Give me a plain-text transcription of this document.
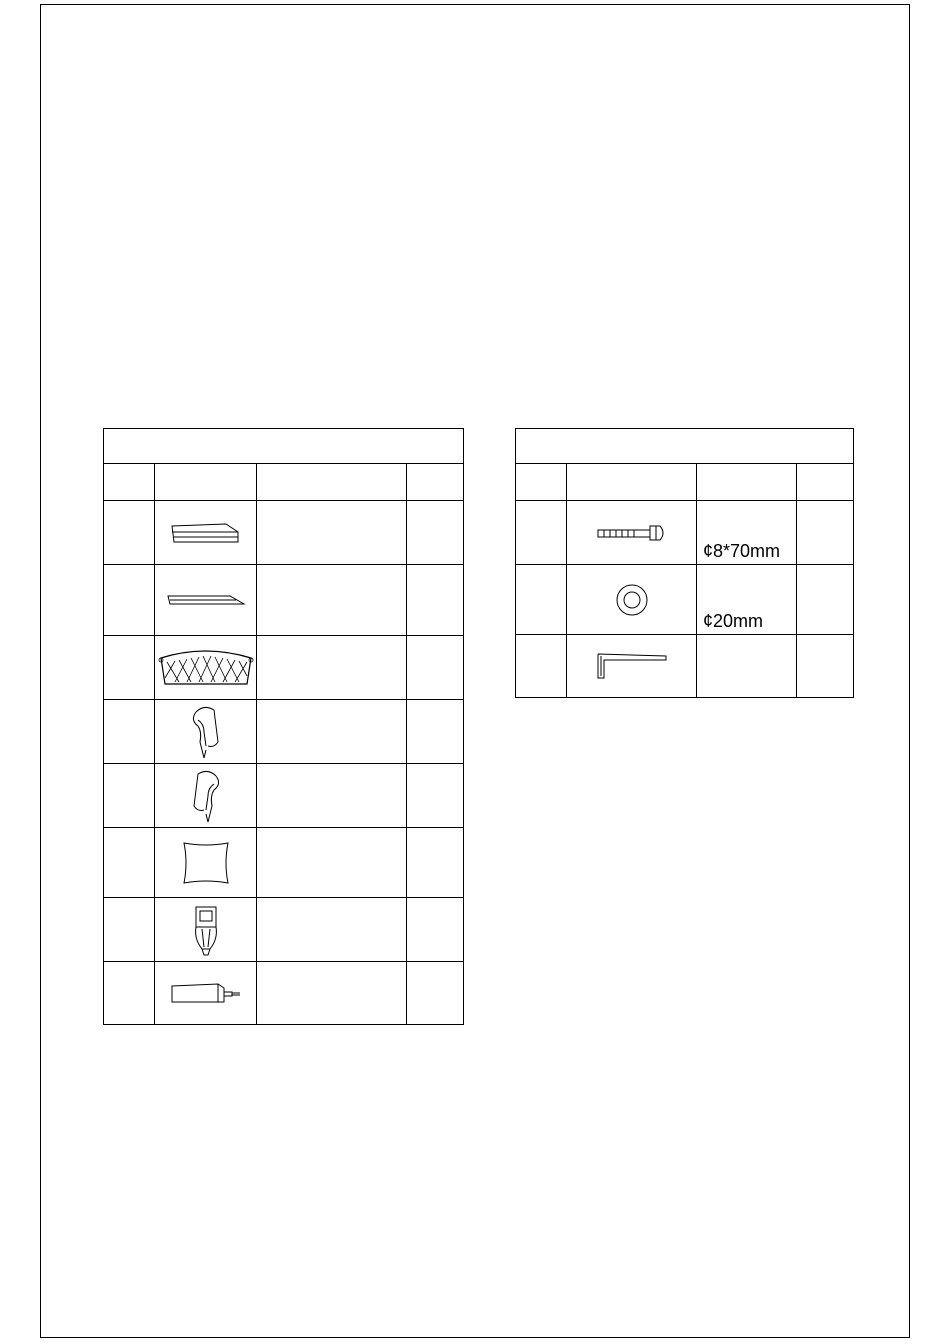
	¢8*70mm	

	¢20mm	
